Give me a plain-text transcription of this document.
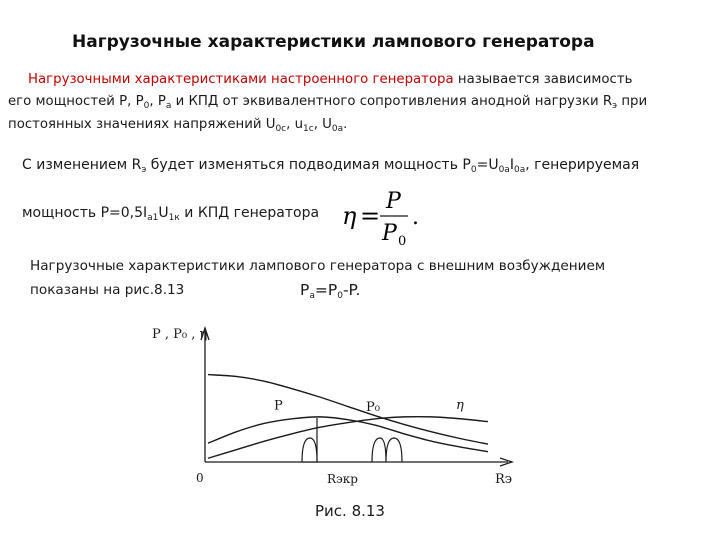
Нагрузочные характеристики лампового генератора
Нагрузочными характеристиками настроенного генератора называется зависимость
его мощностей P, $P_0$, $P_a$ и КПД от эквивалентного сопротивления анодной нагрузки $R_э$ при
постоянных значениях напряжений $U_{0с}$, $u_{1с}$, $U_{0а}$.
С изменением $R_э$ будет изменяться подводимая мощность $P_0=U_{0а}I_{0а}$, генерируемая
мощность $P=0,5I_{а1}U_{1к}$ и КПД генератора η =
P
P 0
.
Нагрузочные характеристики лампового генератора с внешним возбуждением
показаны на рис.8.13	$P_а=P_0-P$.
P₀
P	η
P , P₀ , η
Rэ
0	Rэкр
Рис. 8.13
